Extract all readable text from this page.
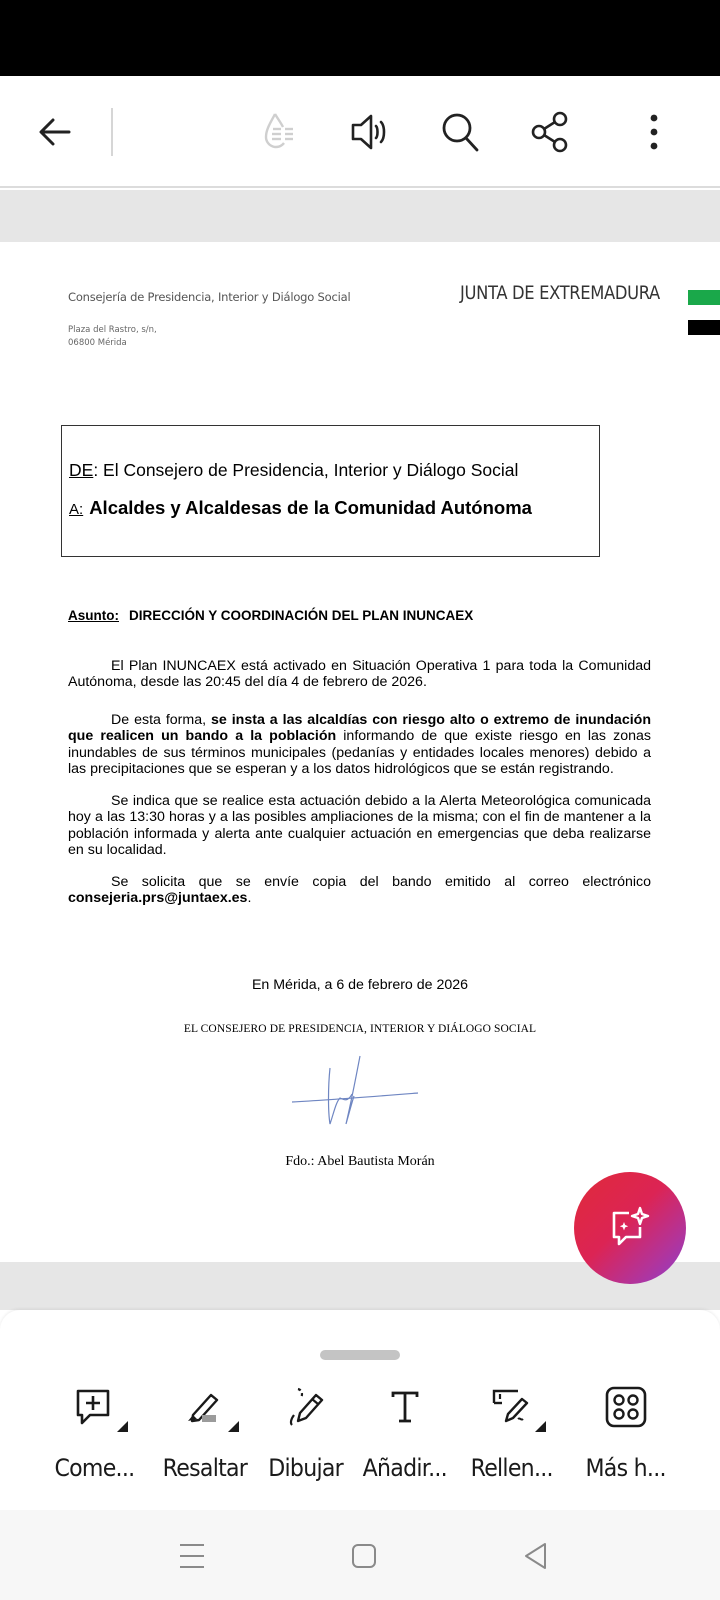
Consejería de Presidencia, Interior y Diálogo Social
Plaza del Rastro, s/n,
06800 Mérida
JUNTA DE EXTREMADURA
DE: El Consejero de Presidencia, Interior y Diálogo Social
A: Alcaldes y Alcaldesas de la Comunidad Autónoma
Asunto: DIRECCIÓN Y COORDINACIÓN DEL PLAN INUNCAEX

El Plan INUNCAEX está activado en Situación Operativa 1 para toda la Comunidad Autónoma, desde las 20:45 del día 4 de febrero de 2026.

De esta forma, se insta a las alcaldías con riesgo alto o extremo de inundación que realicen un bando a la población informando de que existe riesgo en las zonas inundables de sus términos municipales (pedanías y entidades locales menores) debido a las precipitaciones que se esperan y a los datos hidrológicos que se están registrando.

Se indica que se realice esta actuación debido a la Alerta Meteorológica comunicada hoy a las 13:30 horas y a las posibles ampliaciones de la misma; con el fin de mantener a la población informada y alerta ante cualquier actuación en emergencias que deba realizarse en su localidad.

Se solicita que se envíe copia del bando emitido al correo electrónico consejeria.prs@juntaex.es.

En Mérida, a 6 de febrero de 2026
EL CONSEJERO DE PRESIDENCIA, INTERIOR Y DIÁLOGO SOCIAL
Fdo.: Abel Bautista Morán
Come... Resaltar Dibujar Añadir... Rellen... Más h...
